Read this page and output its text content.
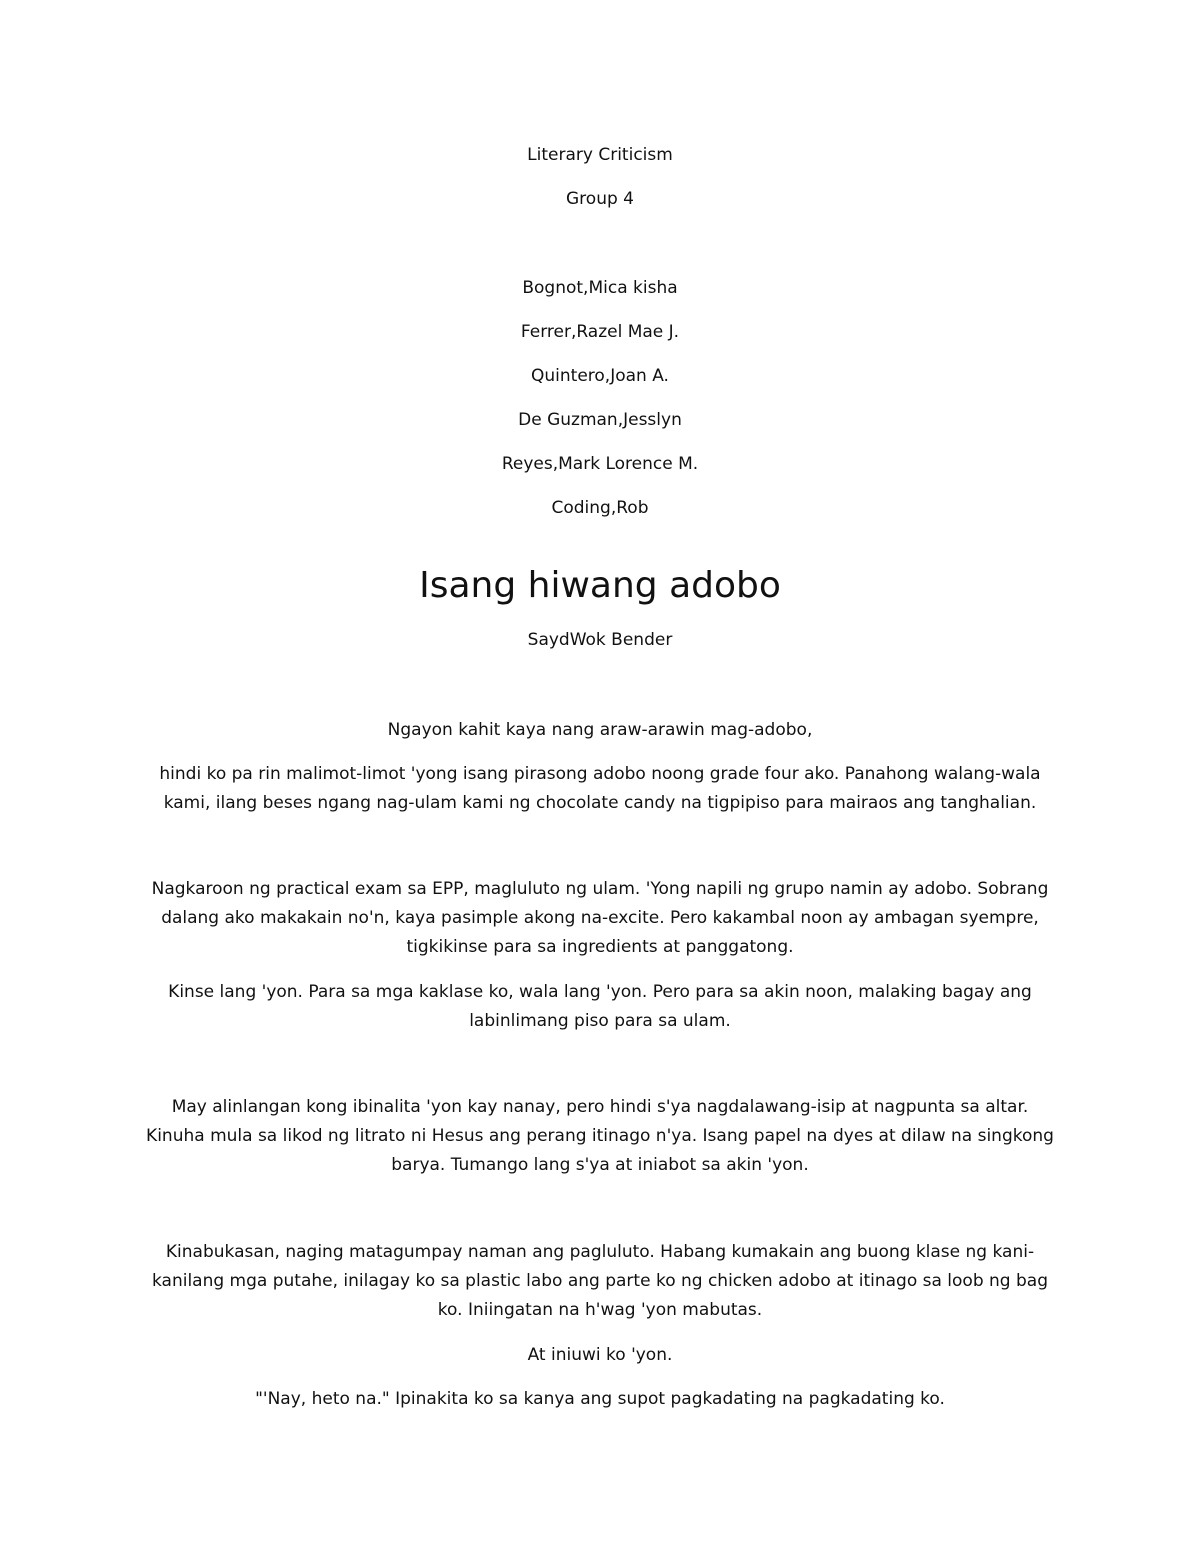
Literary Criticism
Group 4
Bognot,Mica kisha
Ferrer,Razel Mae J.
Quintero,Joan A.
De Guzman,Jesslyn
Reyes,Mark Lorence M.
Coding,Rob
Isang hiwang adobo
SaydWok Bender
Ngayon kahit kaya nang araw-arawin mag-adobo,
hindi ko pa rin malimot-limot 'yong isang pirasong adobo noong grade four ako. Panahong walang-wala kami, ilang beses ngang nag-ulam kami ng chocolate candy na tigpipiso para mairaos ang tanghalian.
Nagkaroon ng practical exam sa EPP, magluluto ng ulam. 'Yong napili ng grupo namin ay adobo. Sobrang dalang ako makakain no'n, kaya pasimple akong na-excite. Pero kakambal noon ay ambagan syempre, tigkikinse para sa ingredients at panggatong.
Kinse lang 'yon. Para sa mga kaklase ko, wala lang 'yon. Pero para sa akin noon, malaking bagay ang labinlimang piso para sa ulam.
May alinlangan kong ibinalita 'yon kay nanay, pero hindi s'ya nagdalawang-isip at nagpunta sa altar. Kinuha mula sa likod ng litrato ni Hesus ang perang itinago n'ya. Isang papel na dyes at dilaw na singkong barya. Tumango lang s'ya at iniabot sa akin 'yon.
Kinabukasan, naging matagumpay naman ang pagluluto. Habang kumakain ang buong klase ng kani-kanilang mga putahe, inilagay ko sa plastic labo ang parte ko ng chicken adobo at itinago sa loob ng bag ko. Iniingatan na h'wag 'yon mabutas.
At iniuwi ko 'yon.
"'Nay, heto na." Ipinakita ko sa kanya ang supot pagkadating na pagkadating ko.
